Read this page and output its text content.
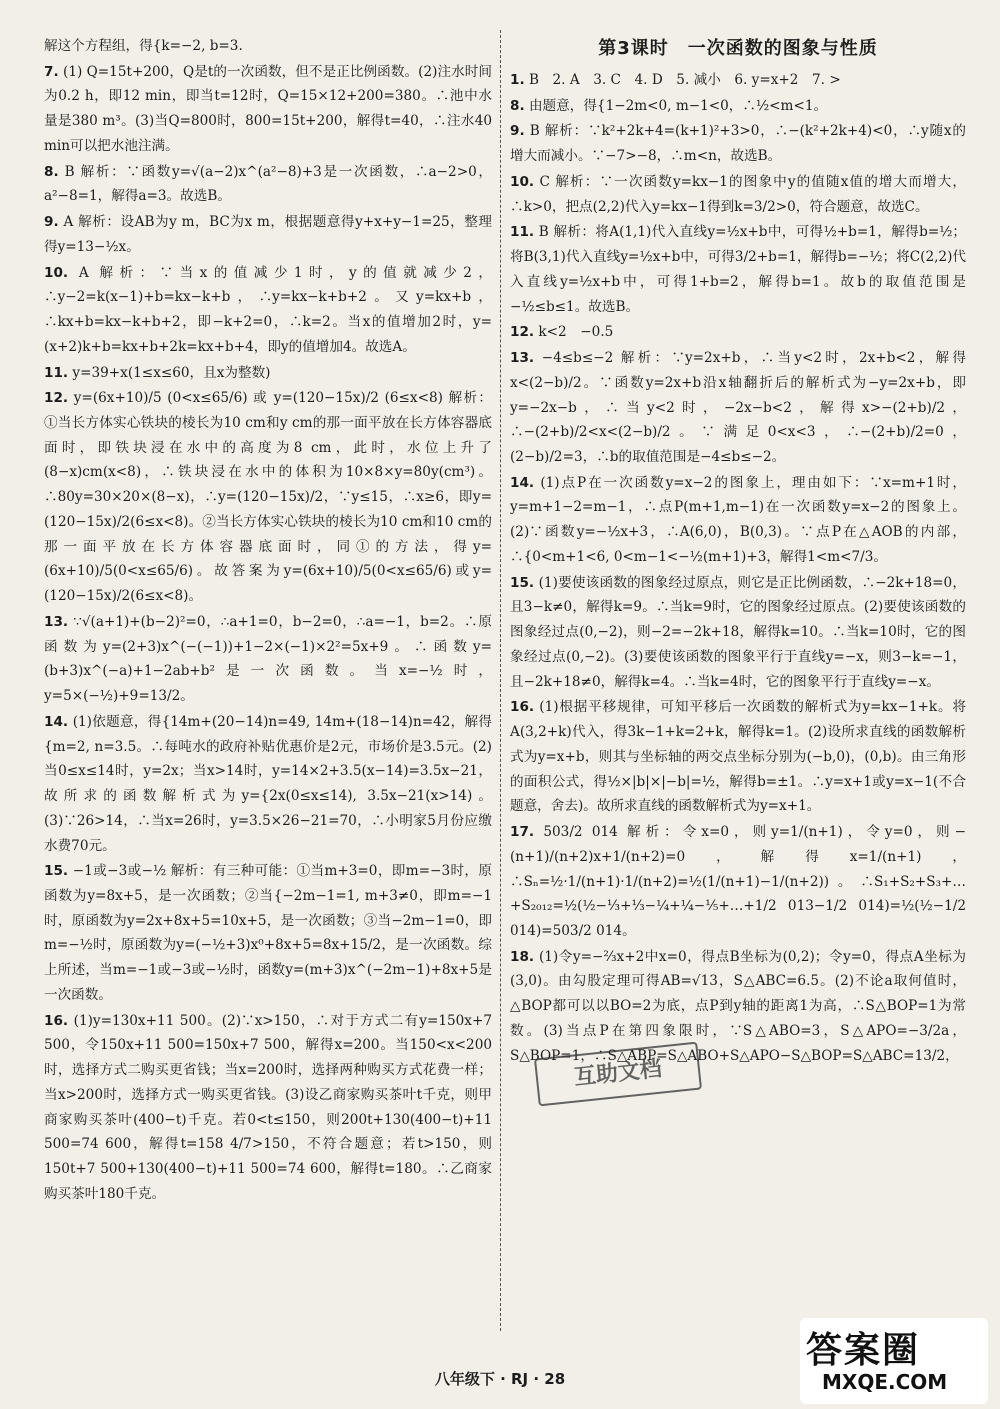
解这个方程组，得{k=−2, b=3.
7. (1) Q=15t+200，Q是t的一次函数，但不是正比例函数。(2)注水时间为0.2 h，即12 min，即当t=12时，Q=15×12+200=380。∴池中水量是380 m³。(3)当Q=800时，800=15t+200，解得t=40，∴注水40 min可以把水池注满。
8. B 解析：∵函数y=√(a−2)x^(a²−8)+3是一次函数，∴a−2>0，a²−8=1，解得a=3。故选B。
9. A 解析：设AB为y m，BC为x m，根据题意得y+x+y−1=25，整理得y=13−½x。
10. A 解析：∵当x的值减少1时，y的值就减少2，∴y−2=k(x−1)+b=kx−k+b，∴y=kx−k+b+2。又y=kx+b，∴kx+b=kx−k+b+2，即−k+2=0，∴k=2。当x的值增加2时，y=(x+2)k+b=kx+b+2k=kx+b+4，即y的值增加4。故选A。
11. y=39+x(1≤x≤60，且x为整数)
12. y=(6x+10)/5 (0<x≤65/6) 或 y=(120−15x)/2 (6≤x<8) 解析：①当长方体实心铁块的棱长为10 cm和y cm的那一面平放在长方体容器底面时，即铁块浸在水中的高度为8 cm，此时，水位上升了(8−x)cm(x<8)，∴铁块浸在水中的体积为10×8×y=80y(cm³)。∴80y=30×20×(8−x)，∴y=(120−15x)/2，∵y≤15，∴x≥6，即y=(120−15x)/2(6≤x<8)。②当长方体实心铁块的棱长为10 cm和10 cm的那一面平放在长方体容器底面时，同①的方法，得y=(6x+10)/5(0<x≤65/6)。故答案为y=(6x+10)/5(0<x≤65/6)或y=(120−15x)/2(6≤x<8)。
13. ∵√(a+1)+(b−2)²=0，∴a+1=0，b−2=0，∴a=−1，b=2。∴原函数为y=(2+3)x^(−(−1))+1−2×(−1)×2²=5x+9。∴函数y=(b+3)x^(−a)+1−2ab+b²是一次函数。当x=−½时，y=5×(−½)+9=13/2。
14. (1)依题意，得{14m+(20−14)n=49, 14m+(18−14)n=42，解得{m=2, n=3.5。∴每吨水的政府补贴优惠价是2元，市场价是3.5元。(2)当0≤x≤14时，y=2x；当x>14时，y=14×2+3.5(x−14)=3.5x−21，故所求的函数解析式为y={2x(0≤x≤14), 3.5x−21(x>14)。(3)∵26>14，∴当x=26时，y=3.5×26−21=70，∴小明家5月份应缴水费70元。
15. −1或−3或−½ 解析：有三种可能：①当m+3=0，即m=−3时，原函数为y=8x+5，是一次函数；②当{−2m−1=1, m+3≠0，即m=−1时，原函数为y=2x+8x+5=10x+5，是一次函数；③当−2m−1=0，即m=−½时，原函数为y=(−½+3)x⁰+8x+5=8x+15/2，是一次函数。综上所述，当m=−1或−3或−½时，函数y=(m+3)x^(−2m−1)+8x+5是一次函数。
16. (1)y=130x+11 500。(2)∵x>150，∴对于方式二有y=150x+7 500，令150x+11 500=150x+7 500，解得x=200。当150<x<200时，选择方式二购买更省钱；当x=200时，选择两种购买方式花费一样；当x>200时，选择方式一购买更省钱。(3)设乙商家购买茶叶t千克，则甲商家购买茶叶(400−t)千克。若0<t≤150，则200t+130(400−t)+11 500=74 600，解得t=158 4/7>150，不符合题意；若t>150，则150t+7 500+130(400−t)+11 500=74 600，解得t=180。∴乙商家购买茶叶180千克。
第3课时　一次函数的图象与性质
1. B　2. A　3. C　4. D　5. 减小　6. y=x+2　7. >
8. 由题意，得{1−2m<0, m−1<0，∴½<m<1。
9. B 解析：∵k²+2k+4=(k+1)²+3>0，∴−(k²+2k+4)<0，∴y随x的增大而减小。∵−7>−8，∴m<n，故选B。
10. C 解析：∵一次函数y=kx−1的图象中y的值随x值的增大而增大，∴k>0，把点(2,2)代入y=kx−1得到k=3/2>0，符合题意，故选C。
11. B 解析：将A(1,1)代入直线y=½x+b中，可得½+b=1，解得b=½；将B(3,1)代入直线y=½x+b中，可得3/2+b=1，解得b=−½；将C(2,2)代入直线y=½x+b中，可得1+b=2，解得b=1。故b的取值范围是−½≤b≤1。故选B。
12. k<2　−0.5
13. −4≤b≤−2 解析：∵y=2x+b，∴当y<2时，2x+b<2，解得x<(2−b)/2。∵函数y=2x+b沿x轴翻折后的解析式为−y=2x+b，即y=−2x−b，∴当y<2时，−2x−b<2，解得x>−(2+b)/2，∴−(2+b)/2<x<(2−b)/2。∵满足0<x<3，∴−(2+b)/2=0，(2−b)/2=3，∴b的取值范围是−4≤b≤−2。
14. (1)点P在一次函数y=x−2的图象上，理由如下：∵x=m+1时，y=m+1−2=m−1，∴点P(m+1,m−1)在一次函数y=x−2的图象上。(2)∵函数y=−½x+3，∴A(6,0)，B(0,3)。∵点P在△AOB的内部，∴{0<m+1<6, 0<m−1<−½(m+1)+3，解得1<m<7/3。
15. (1)要使该函数的图象经过原点，则它是正比例函数，∴−2k+18=0，且3−k≠0，解得k=9。∴当k=9时，它的图象经过原点。(2)要使该函数的图象经过点(0,−2)，则−2=−2k+18，解得k=10。∴当k=10时，它的图象经过点(0,−2)。(3)要使该函数的图象平行于直线y=−x，则3−k=−1，且−2k+18≠0，解得k=4。∴当k=4时，它的图象平行于直线y=−x。
16. (1)根据平移规律，可知平移后一次函数的解析式为y=kx−1+k。将A(3,2+k)代入，得3k−1+k=2+k，解得k=1。(2)设所求直线的函数解析式为y=x+b，则其与坐标轴的两交点坐标分别为(−b,0)，(0,b)。由三角形的面积公式，得½×|b|×|−b|=½，解得b=±1。∴y=x+1或y=x−1(不合题意，舍去)。故所求直线的函数解析式为y=x+1。
17. 503/2 014 解析：令x=0，则y=1/(n+1)，令y=0，则−(n+1)/(n+2)x+1/(n+2)=0，解得x=1/(n+1)，∴Sₙ=½·1/(n+1)·1/(n+2)=½(1/(n+1)−1/(n+2))。∴S₁+S₂+S₃+…+S₂₀₁₂=½(½−⅓+⅓−¼+¼−⅕+…+1/2 013−1/2 014)=½(½−1/2 014)=503/2 014。
18. (1)令y=−⅔x+2中x=0，得点B坐标为(0,2)；令y=0，得点A坐标为(3,0)。由勾股定理可得AB=√13，S△ABC=6.5。(2)不论a取何值时，△BOP都可以以BO=2为底，点P到y轴的距离1为高，∴S△BOP=1为常数。(3)当点P在第四象限时，∵S△ABO=3，S△APO=−3/2a，S△BOP=1，∴S△ABP=S△ABO+S△APO−S△BOP=S△ABC=13/2，
互助文档
八年级下 · RJ · 28
答案圈
MXQE.COM
